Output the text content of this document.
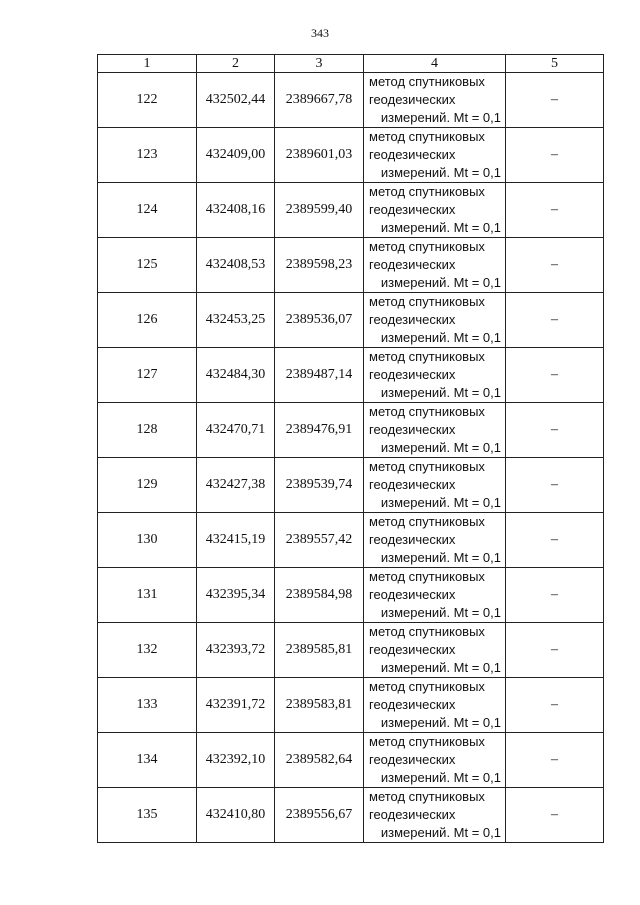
343
1	2	3	4	5
122	432502,44	2389667,78	метод спутниковых
геодезических
измерений. Mt = 0,1	–
123	432409,00	2389601,03	метод спутниковых
геодезических
измерений. Mt = 0,1	–
124	432408,16	2389599,40	метод спутниковых
геодезических
измерений. Mt = 0,1	–
125	432408,53	2389598,23	метод спутниковых
геодезических
измерений. Mt = 0,1	–
126	432453,25	2389536,07	метод спутниковых
геодезических
измерений. Mt = 0,1	–
127	432484,30	2389487,14	метод спутниковых
геодезических
измерений. Mt = 0,1	–
128	432470,71	2389476,91	метод спутниковых
геодезических
измерений. Mt = 0,1	–
129	432427,38	2389539,74	метод спутниковых
геодезических
измерений. Mt = 0,1	–
130	432415,19	2389557,42	метод спутниковых
геодезических
измерений. Mt = 0,1	–
131	432395,34	2389584,98	метод спутниковых
геодезических
измерений. Mt = 0,1	–
132	432393,72	2389585,81	метод спутниковых
геодезических
измерений. Mt = 0,1	–
133	432391,72	2389583,81	метод спутниковых
геодезических
измерений. Mt = 0,1	–
134	432392,10	2389582,64	метод спутниковых
геодезических
измерений. Mt = 0,1	–
135	432410,80	2389556,67	метод спутниковых
геодезических
измерений. Mt = 0,1	–
